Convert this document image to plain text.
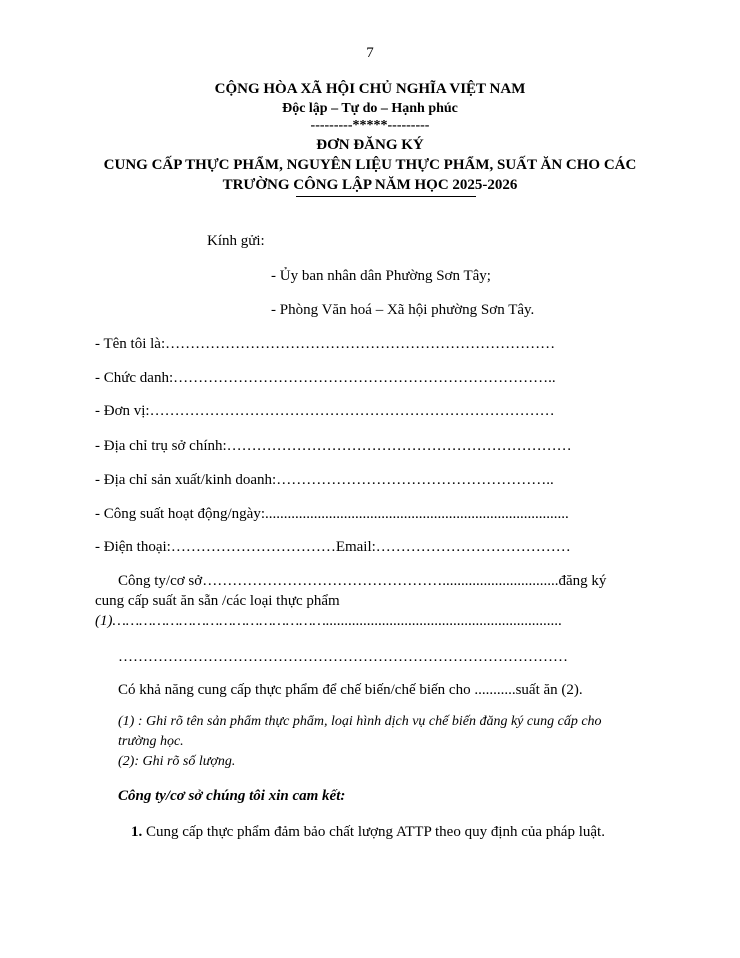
7
CỘNG HÒA XÃ HỘI CHỦ NGHĨA VIỆT NAM
Độc lập – Tự do – Hạnh phúc
---------*****---------
ĐƠN ĐĂNG KÝ
CUNG CẤP THỰC PHẨM, NGUYÊN LIỆU THỰC PHẨM, SUẤT ĂN CHO CÁC
TRƯỜNG CÔNG LẬP NĂM HỌC 2025-2026
Kính gửi:
- Ủy ban nhân dân Phường Sơn Tây;
- Phòng Văn hoá – Xã hội phường Sơn Tây.
- Tên tôi là:……………………………………………………………………
- Chức danh:…………………………………………………………………..
- Đơn vị:………………………………………………………………………
- Địa chỉ trụ sở chính:……………………………………………………………
- Địa chỉ sản xuất/kinh doanh:………………………………………………..
- Công suất hoạt động/ngày:.................................................................................
- Điện thoại:……………………………Email:…………………………………
Công ty/cơ sở…………………………………………...............................đăng ký
cung cấp suất ăn sẵn /các loại thực phẩm
(1)…………………………………………...............................................................
………………………………………………………………………………
Có khả năng cung cấp thực phẩm để chế biến/chế biến cho ...........suất ăn (2).
(1) : Ghi rõ tên sản phẩm thực phẩm, loại hình dịch vụ chế biến đăng ký cung cấp cho
trường học.
(2): Ghi rõ số lượng.
Công ty/cơ sở chúng tôi xin cam kết:
1. Cung cấp thực phẩm đảm bảo chất lượng ATTP theo quy định của pháp luật.
